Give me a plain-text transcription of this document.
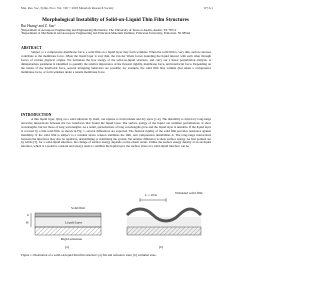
Mat. Res. Soc. Symp. Proc. Vol. 749 © 2003 Materials Research Society	W7.6.1
Morphological Instability of Solid-on-Liquid Thin Film Structures
Rui Huang¹ and Z. Suo²

¹Department of Aerospace Engineering and Engineering Mechanics, The University of Texas at Austin, Austin, TX 78712

²Department of Mechanical and Aerospace Engineering and Princeton Materials Institute, Princeton University, Princeton, NJ 08544

ABSTRACT

Subject to a compressive membrane force, a solid film on a liquid layer may form wrinkles. When the solid film is very thin, surface stresses contribute to the membrane force. When the liquid layer is very thin, the van der Waals forces bounding the liquid interact with each other through forces of various physical origins. We formulate the free energy of the solid-on-liquid structure, and carry out a linear perturbation analysis. A dimensionless parameter is identified to quantify the relative importance of the flexural rigidity, membrane force, and interfacial force. Depending on the nature of the interfacial force, several intriguing behaviors are possible; for example, the solid film may wrinkle (but under a compressive membrane force, or form wrinkles under a tensile membrane force.

INTRODUCTION

A thin liquid layer, lying on a solid substrate by itself, can rupture to form islands and dry spots [1-4]. The instability is driven by long-range attractive interactions between the two interfaces that bound the liquid layer. The surface energy of the liquid can stabilize perturbations of short wavelengths, but not those of long wavelengths. As a result, perturbations of long wavelengths grow and the liquid layer is unstable. If the liquid layer is covered by a thin solid film, as shown in Fig. 1, several differences are expected. The flexural rigidity of the solid film provides resistance against instability. If the solid film is subject to a residual stress, tension stabilizes the film, and compression destabilizes it. The long-range interactions between the interfaces may also be repulsive, destabilizing or stabilizing the system. Yet another difference is shear surface energy. As first pointed out by Gibbs [5], for a solid-liquid interface, the change of surface energy depends on the elastic strain. Unlike the surface energy density at an air-liquid interface, which is a positive constant and always tends to stabilize the liquid layer, the surface stress at a solid-liquid interface can be

h
H
Solid film
Liquid layer
Rigid substrate
(a)
L = 2π/k	Wrinkled solid film
(b)

Figure 1: Illustration of a solid-on-liquid thin film structure: (a) flat and reference state; (b) wrinkled state.
